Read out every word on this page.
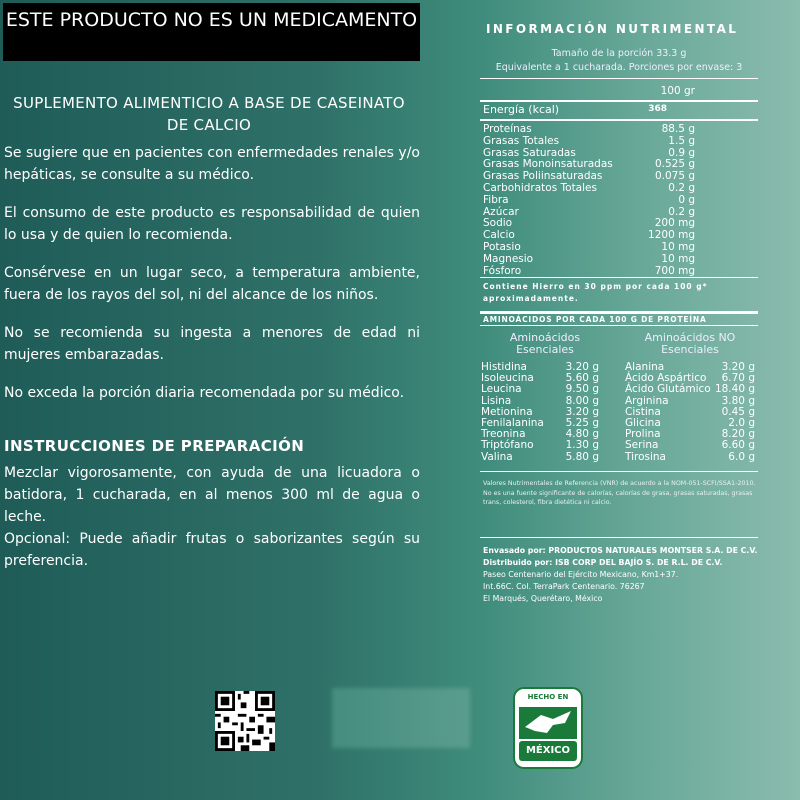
ESTE PRODUCTO NO ES UN MEDICAMENTO
SUPLEMENTO ALIMENTICIO A BASE DE CASEINATO DE CALCIO
Se sugiere que en pacientes con enfermedades renales y/o hepáticas, se consulte a su médico.
El consumo de este producto es responsabilidad de quien lo usa y de quien lo recomienda.
Consérvese en un lugar seco, a temperatura ambiente, fuera de los rayos del sol, ni del alcance de los niños.
No se recomienda su ingesta a menores de edad ni mujeres embarazadas.
No exceda la porción diaria recomendada por su médico.
INSTRUCCIONES DE PREPARACIÓN
Mezclar vigorosamente, con ayuda de una licuadora o batidora, 1 cucharada, en al menos 300 ml de agua o leche.
Opcional: Puede añadir frutas o saborizantes según su preferencia.
INFORMACIÓN NUTRIMENTAL
Tamaño de la porción 33.3 g
Equivalente a 1 cucharada. Porciones por envase: 3
100 gr
Energía (kcal)	368
Proteínas	88.5 g
Grasas Totales	1.5 g
Grasas Saturadas	0.9 g
Grasas Monoinsaturadas	0.525 g
Grasas Poliinsaturadas	0.075 g
Carbohidratos Totales	0.2 g
Fibra	0 g
Azúcar	0.2 g
Sodio	200 mg
Calcio	1200 mg
Potasio	10 mg
Magnesio	10 mg
Fósforo	700 mg
Contiene Hierro en 30 ppm por cada 100 g* aproximadamente.
AMINOÁCIDOS POR CADA 100 G DE PROTEÍNA
Aminoácidos Esenciales
Aminoácidos NO Esenciales
Histidina	3.20 g
Isoleucina	5.60 g
Leucina	9.50 g
Lisina	8.00 g
Metionina	3.20 g
Fenilalanina 5.25 g
Treonina	4.80 g
Triptófano	1.30 g
Valina	5.80 g
Alanina	3.20 g
Ácido Aspártico 6.70 g
Ácido Glutámico 18.40 g
Arginina	3.80 g
Cistina	0.45 g
Glicina	2.0 g
Prolina	8.20 g
Serina	6.60 g
Tirosina	6.0 g
Valores Nutrimentales de Referencia (VNR) de acuerdo a la NOM-051-SCFI/SSA1-2010. No es una fuente significante de calorías, calorías de grasa, grasas saturadas, grasas trans, colesterol, fibra dietética ni calcio.
Envasado por: PRODUCTOS NATURALES MONTSER S.A. DE C.V.
Distribuido por: ISB CORP DEL BAJÍO S. DE R.L. DE C.V.
Paseo Centenario del Ejército Mexicano, Km1+37.
Int.66C. Col. TerraPark Centenario. 76267
El Marqués, Querétaro, México
HECHO EN
MÉXICO
